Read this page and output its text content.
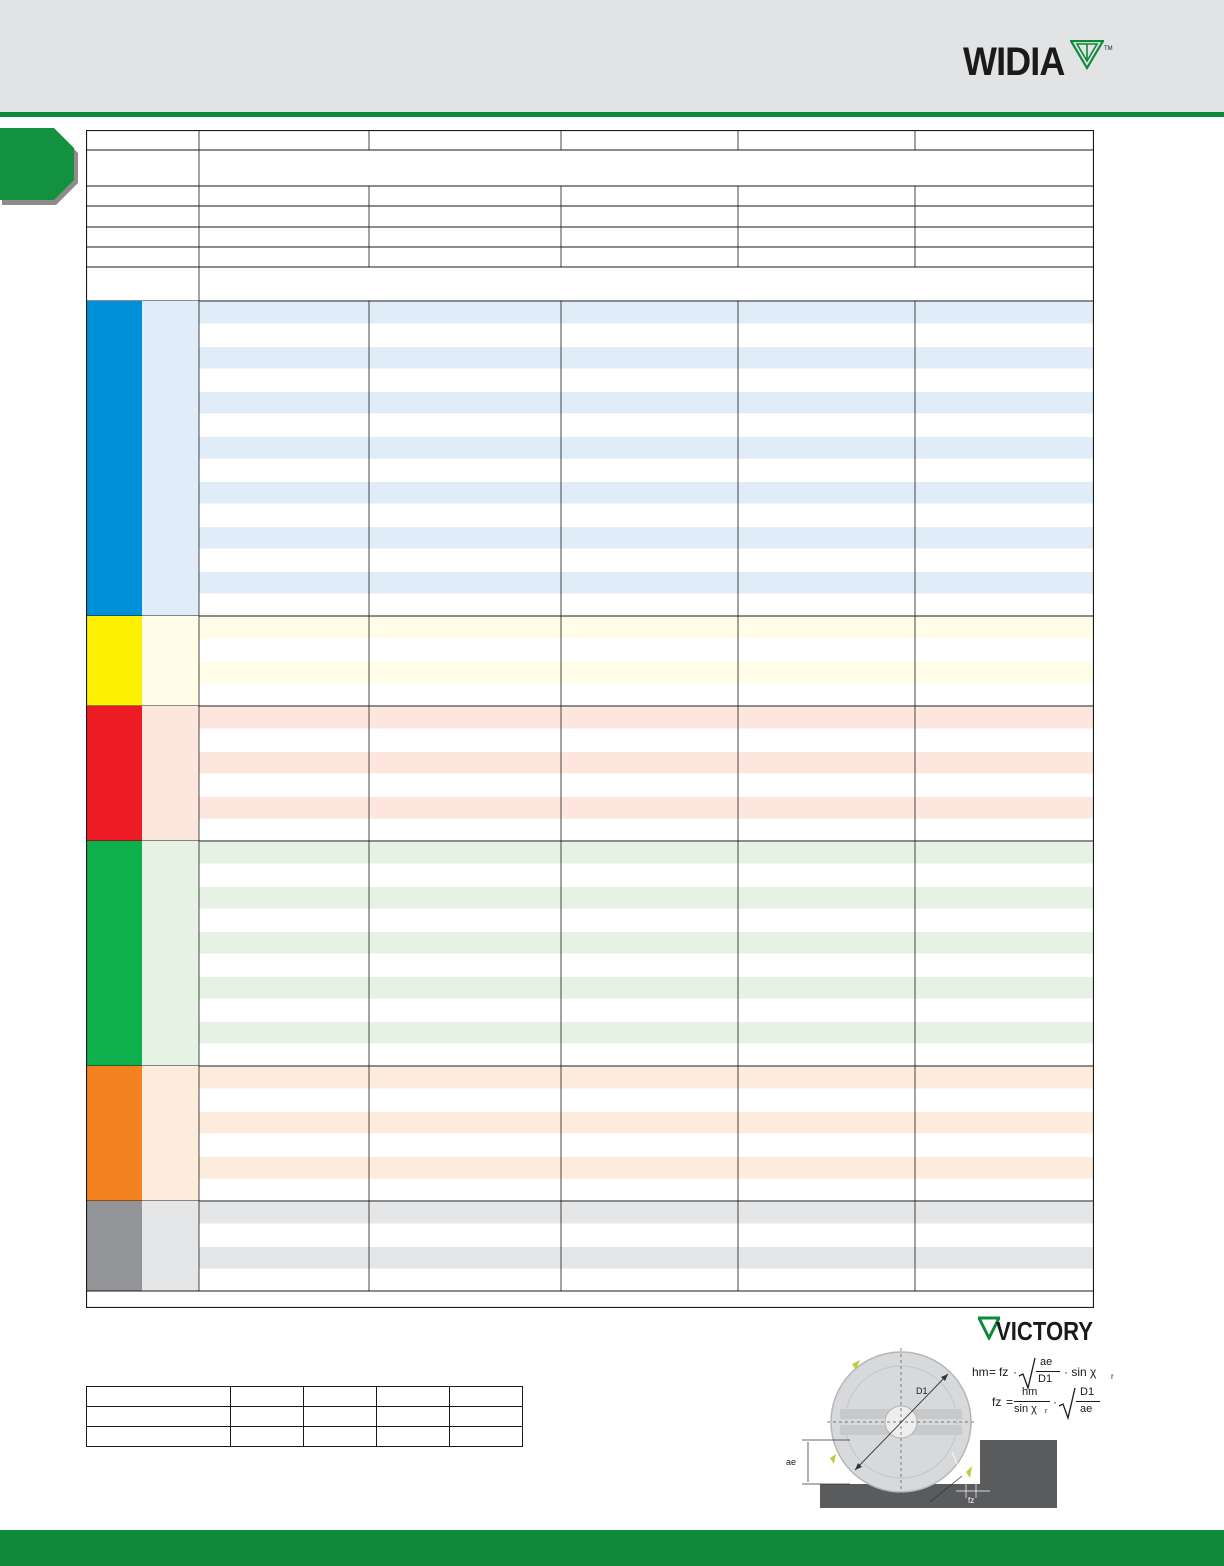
WIDIA	TM

VICTORY
D1
ae
hm
fz
hm = fz ·
ae
D1 · sin χ r
fz =
hm
sin χ r
·
D1
ae
